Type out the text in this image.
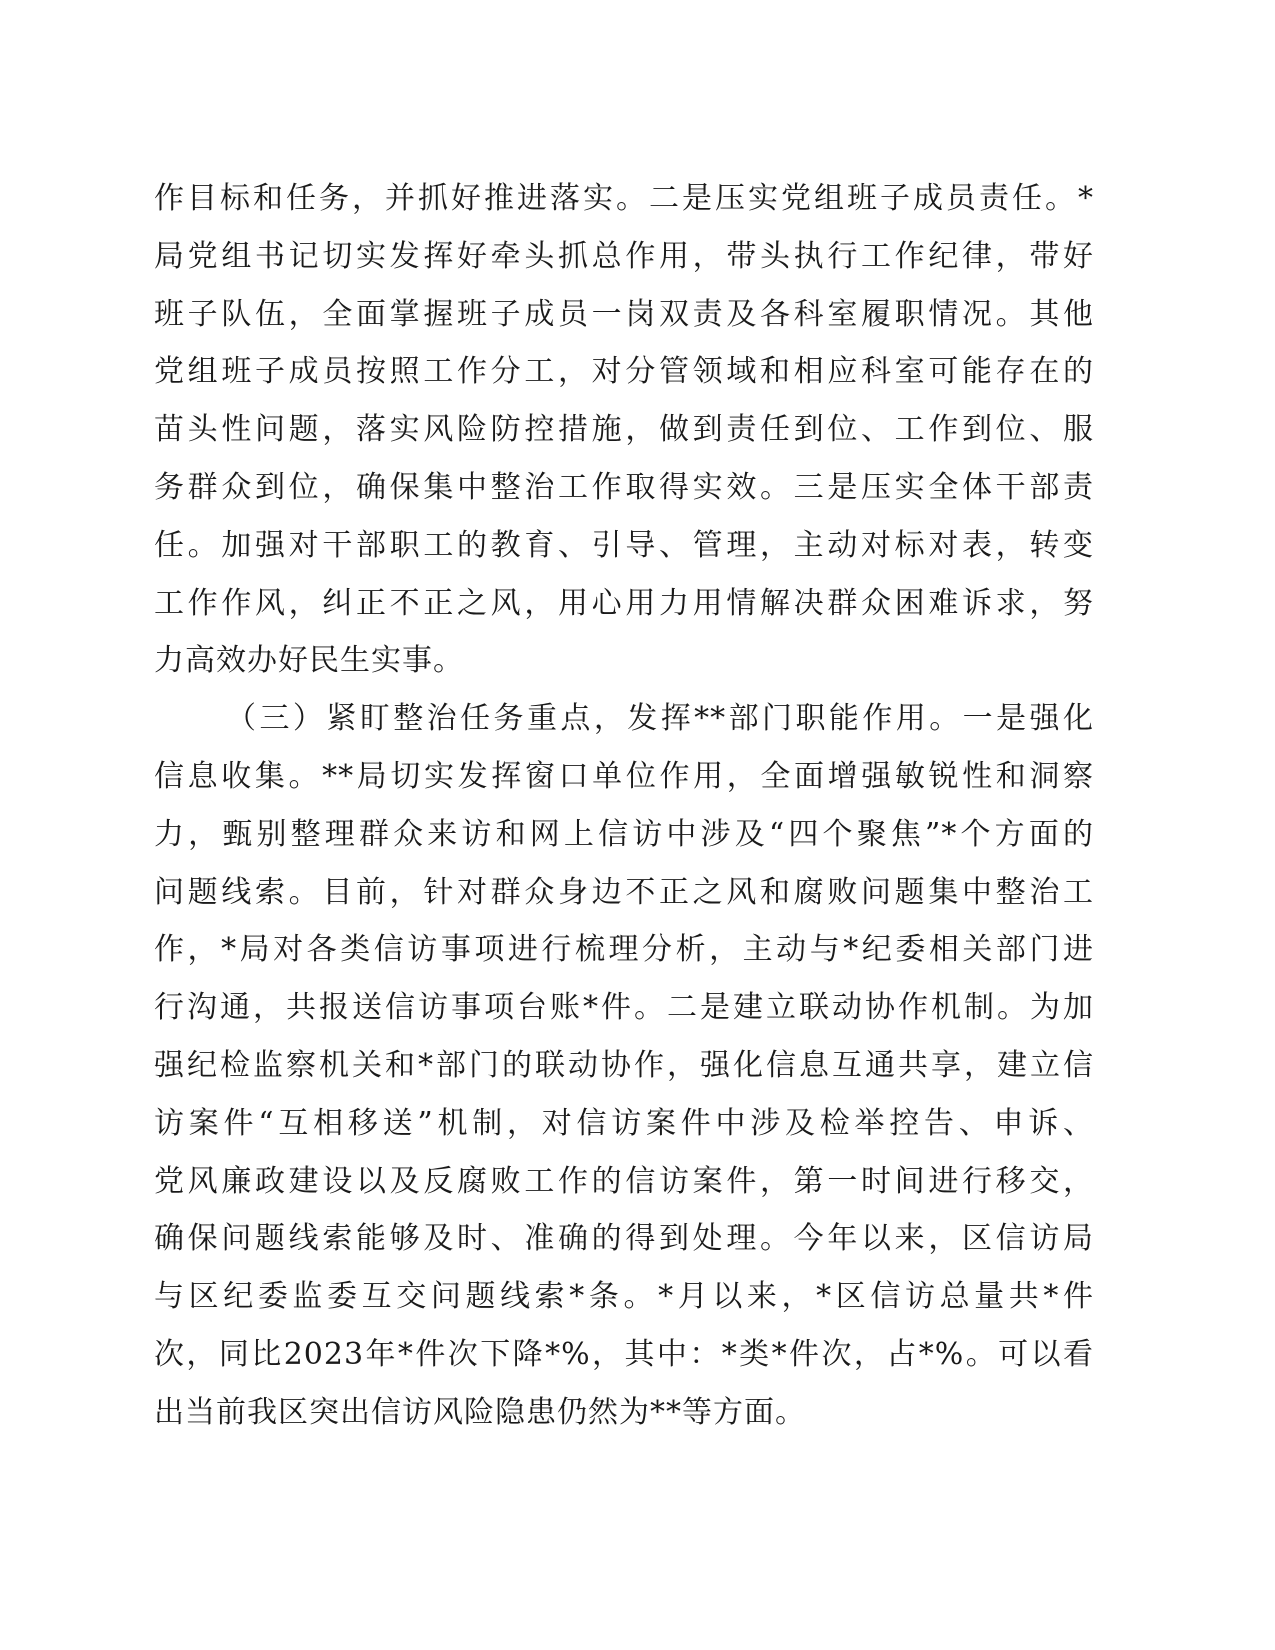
作目标和任务，并抓好推进落实。二是压实党组班子成员责任。*
局党组书记切实发挥好牵头抓总作用，带头执行工作纪律，带好
班子队伍，全面掌握班子成员一岗双责及各科室履职情况。其他
党组班子成员按照工作分工，对分管领域和相应科室可能存在的
苗头性问题，落实风险防控措施，做到责任到位、工作到位、服
务群众到位，确保集中整治工作取得实效。三是压实全体干部责
任。加强对干部职工的教育、引导、管理，主动对标对表，转变
工作作风，纠正不正之风，用心用力用情解决群众困难诉求，努
力高效办好民生实事。
（三）紧盯整治任务重点，发挥**部门职能作用。一是强化
信息收集。**局切实发挥窗口单位作用，全面增强敏锐性和洞察
力，甄别整理群众来访和网上信访中涉及“四个聚焦”*个方面的
问题线索。目前，针对群众身边不正之风和腐败问题集中整治工
作，*局对各类信访事项进行梳理分析，主动与*纪委相关部门进
行沟通，共报送信访事项台账*件。二是建立联动协作机制。为加
强纪检监察机关和*部门的联动协作，强化信息互通共享，建立信
访案件“互相移送”机制，对信访案件中涉及检举控告、申诉、
党风廉政建设以及反腐败工作的信访案件，第一时间进行移交，
确保问题线索能够及时、准确的得到处理。今年以来，区信访局
与区纪委监委互交问题线索*条。*月以来，*区信访总量共*件
次，同比2023年*件次下降*%，其中：*类*件次，占*%。可以看
出当前我区突出信访风险隐患仍然为**等方面。
